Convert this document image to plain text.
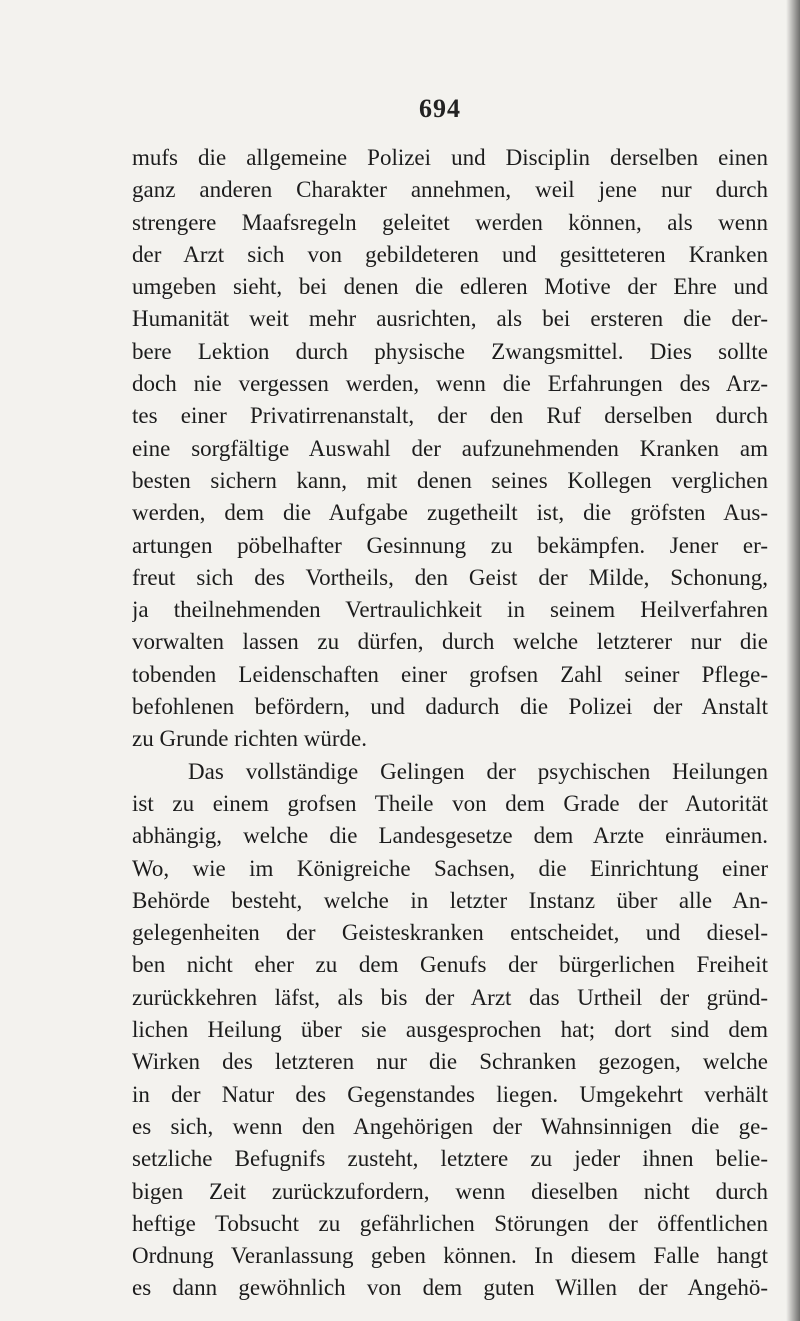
694
mufs die allgemeine Polizei und Disciplin derselben einen
ganz anderen Charakter annehmen, weil jene nur durch
strengere Maafsregeln geleitet werden können, als wenn
der Arzt sich von gebildeteren und gesitteteren Kranken
umgeben sieht, bei denen die edleren Motive der Ehre und
Humanität weit mehr ausrichten, als bei ersteren die der-
bere Lektion durch physische Zwangsmittel. Dies sollte
doch nie vergessen werden, wenn die Erfahrungen des Arz-
tes einer Privatirrenanstalt, der den Ruf derselben durch
eine sorgfältige Auswahl der aufzunehmenden Kranken am
besten sichern kann, mit denen seines Kollegen verglichen
werden, dem die Aufgabe zugetheilt ist, die gröfsten Aus-
artungen pöbelhafter Gesinnung zu bekämpfen. Jener er-
freut sich des Vortheils, den Geist der Milde, Schonung,
ja theilnehmenden Vertraulichkeit in seinem Heilverfahren
vorwalten lassen zu dürfen, durch welche letzterer nur die
tobenden Leidenschaften einer grofsen Zahl seiner Pflege-
befohlenen befördern, und dadurch die Polizei der Anstalt
zu Grunde richten würde.
Das vollständige Gelingen der psychischen Heilungen
ist zu einem grofsen Theile von dem Grade der Autorität
abhängig, welche die Landesgesetze dem Arzte einräumen.
Wo, wie im Königreiche Sachsen, die Einrichtung einer
Behörde besteht, welche in letzter Instanz über alle An-
gelegenheiten der Geisteskranken entscheidet, und diesel-
ben nicht eher zu dem Genufs der bürgerlichen Freiheit
zurückkehren läfst, als bis der Arzt das Urtheil der gründ-
lichen Heilung über sie ausgesprochen hat; dort sind dem
Wirken des letzteren nur die Schranken gezogen, welche
in der Natur des Gegenstandes liegen. Umgekehrt verhält
es sich, wenn den Angehörigen der Wahnsinnigen die ge-
setzliche Befugnifs zusteht, letztere zu jeder ihnen belie-
bigen Zeit zurückzufordern, wenn dieselben nicht durch
heftige Tobsucht zu gefährlichen Störungen der öffentlichen
Ordnung Veranlassung geben können. In diesem Falle hangt
es dann gewöhnlich von dem guten Willen der Angehö-
